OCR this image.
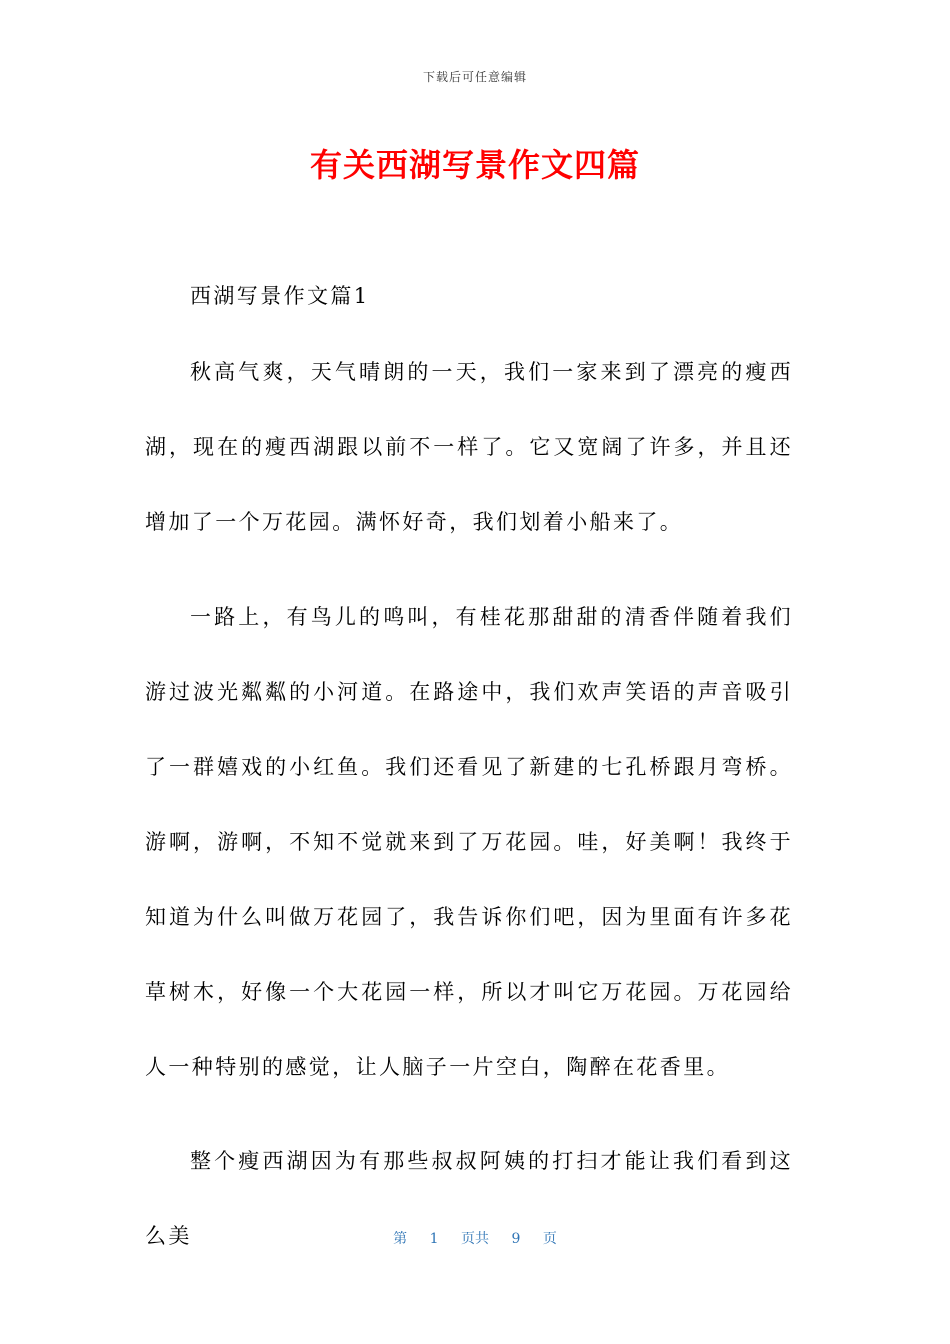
下载后可任意编辑
有关西湖写景作文四篇

西湖写景作文篇1

秋高气爽，天气晴朗的一天，我们一家来到了漂亮的瘦西湖，现在的瘦西湖跟以前不一样了。它又宽阔了许多，并且还增加了一个万花园。满怀好奇，我们划着小船来了。

一路上，有鸟儿的鸣叫，有桂花那甜甜的清香伴随着我们游过波光粼粼的小河道。在路途中，我们欢声笑语的声音吸引了一群嬉戏的小红鱼。我们还看见了新建的七孔桥跟月弯桥。游啊，游啊，不知不觉就来到了万花园。哇，好美啊！我终于知道为什么叫做万花园了，我告诉你们吧，因为里面有许多花草树木，好像一个大花园一样，所以才叫它万花园。万花园给人一种特别的感觉，让人脑子一片空白，陶醉在花香里。

整个瘦西湖因为有那些叔叔阿姨的打扫才能让我们看到这么美	第 1 页共 9 页
